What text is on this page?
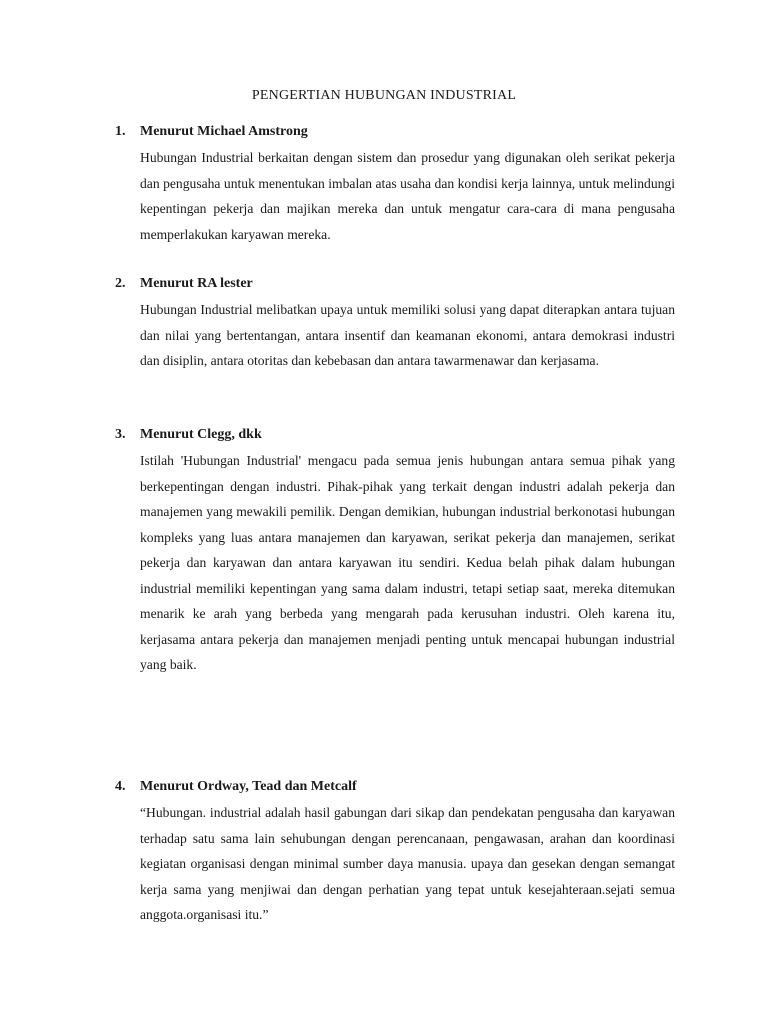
PENGERTIAN HUBUNGAN INDUSTRIAL
1. Menurut Michael Amstrong
Hubungan Industrial berkaitan dengan sistem dan prosedur yang digunakan oleh serikat pekerja dan pengusaha untuk menentukan imbalan atas usaha dan kondisi kerja lainnya, untuk melindungi kepentingan pekerja dan majikan mereka dan untuk mengatur cara-cara di mana pengusaha memperlakukan karyawan mereka.
2. Menurut RA lester
Hubungan Industrial melibatkan upaya untuk memiliki solusi yang dapat diterapkan antara tujuan dan nilai yang bertentangan, antara insentif dan keamanan ekonomi, antara demokrasi industri dan disiplin, antara otoritas dan kebebasan dan antara tawarmenawar dan kerjasama.
3. Menurut Clegg, dkk
Istilah 'Hubungan Industrial' mengacu pada semua jenis hubungan antara semua pihak yang berkepentingan dengan industri. Pihak-pihak yang terkait dengan industri adalah pekerja dan manajemen yang mewakili pemilik. Dengan demikian, hubungan industrial berkonotasi hubungan kompleks yang luas antara manajemen dan karyawan, serikat pekerja dan manajemen, serikat pekerja dan karyawan dan antara karyawan itu sendiri. Kedua belah pihak dalam hubungan industrial memiliki kepentingan yang sama dalam industri, tetapi setiap saat, mereka ditemukan menarik ke arah yang berbeda yang mengarah pada kerusuhan industri. Oleh karena itu, kerjasama antara pekerja dan manajemen menjadi penting untuk mencapai hubungan industrial yang baik.
4. Menurut Ordway, Tead dan Metcalf
“Hubungan. industrial adalah hasil gabungan dari sikap dan pendekatan pengusaha dan karyawan terhadap satu sama lain sehubungan dengan perencanaan, pengawasan, arahan dan koordinasi kegiatan organisasi dengan minimal sumber daya manusia. upaya dan gesekan dengan semangat kerja sama yang menjiwai dan dengan perhatian yang tepat untuk kesejahteraan.sejati semua anggota.organisasi itu.”
